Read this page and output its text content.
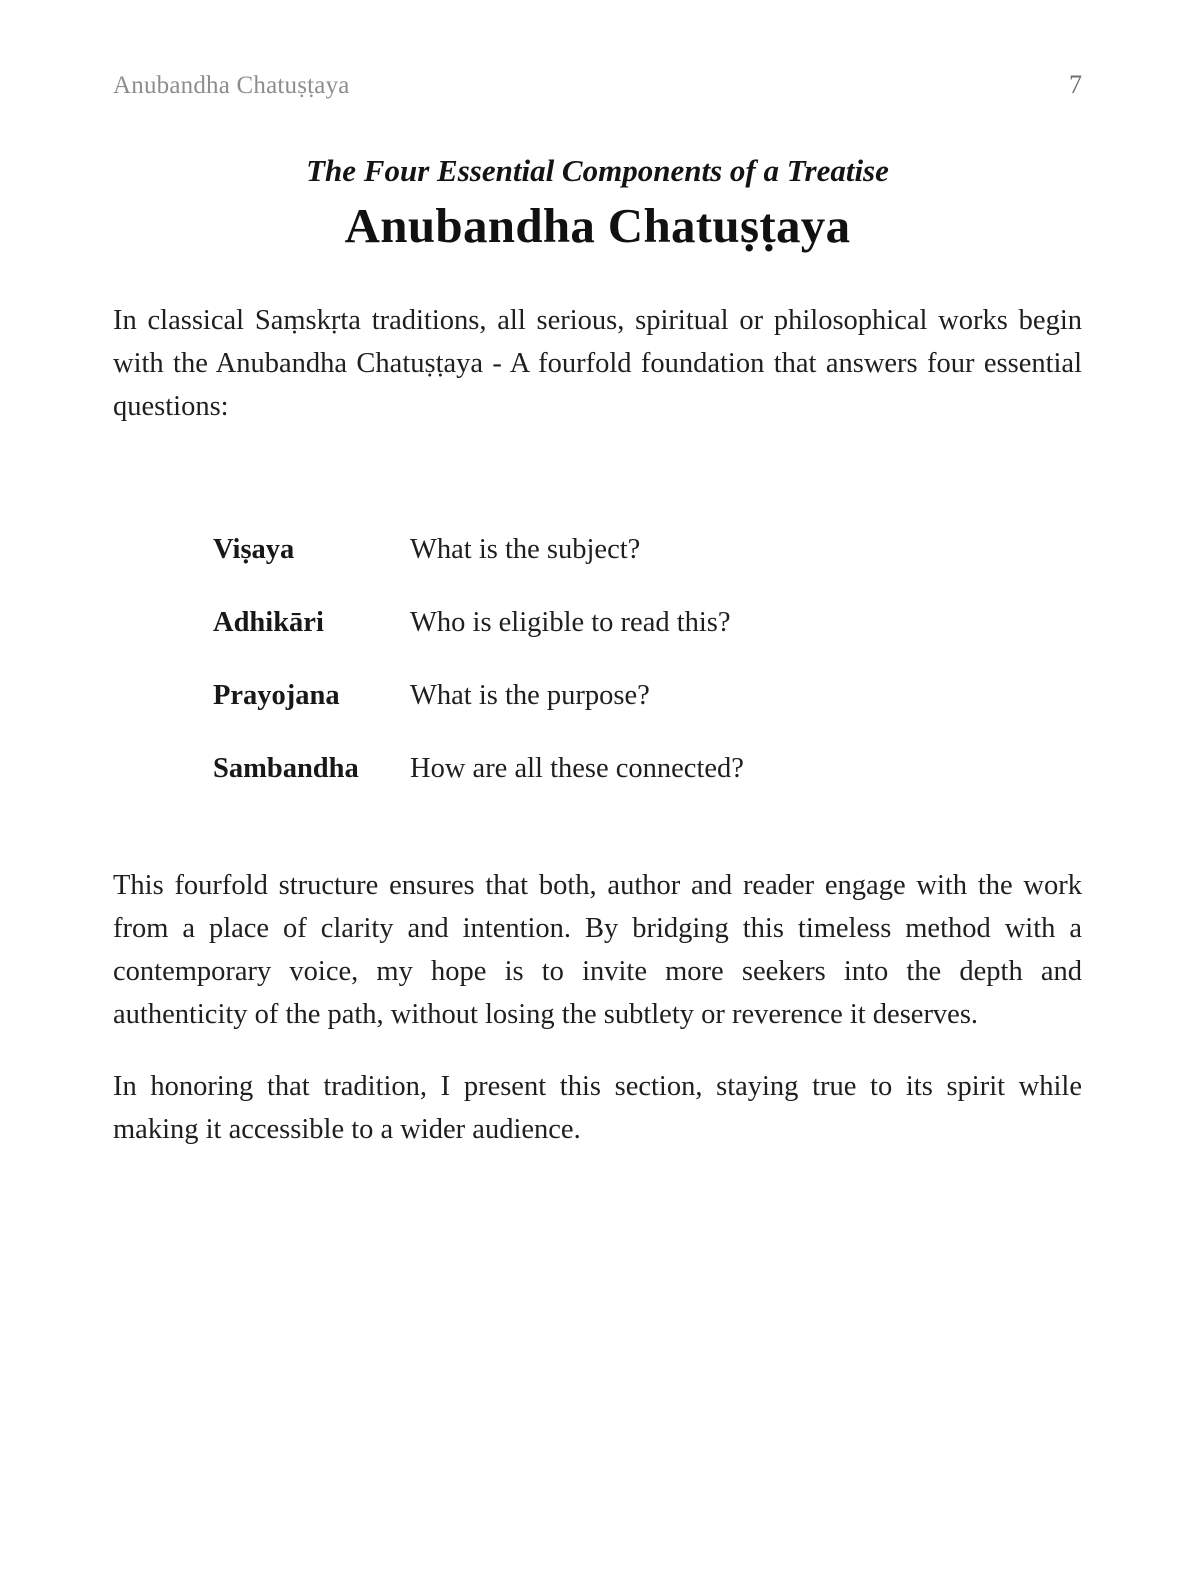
Anubandha Chatuṣṭaya	7
The Four Essential Components of a Treatise
Anubandha Chatuṣṭaya

In classical Saṃskṛta traditions, all serious, spiritual or philosophical works begin with the Anubandha Chatuṣṭaya - A fourfold foundation that answers four essential questions:

Viṣaya	What is the subject?
Adhikāri	Who is eligible to read this?
Prayojana	What is the purpose?
Sambandha	How are all these connected?

This fourfold structure ensures that both, author and reader engage with the work from a place of clarity and intention. By bridging this timeless method with a contemporary voice, my hope is to invite more seekers into the depth and authenticity of the path, without losing the subtlety or reverence it deserves.

In honoring that tradition, I present this section, staying true to its spirit while making it accessible to a wider audience.
